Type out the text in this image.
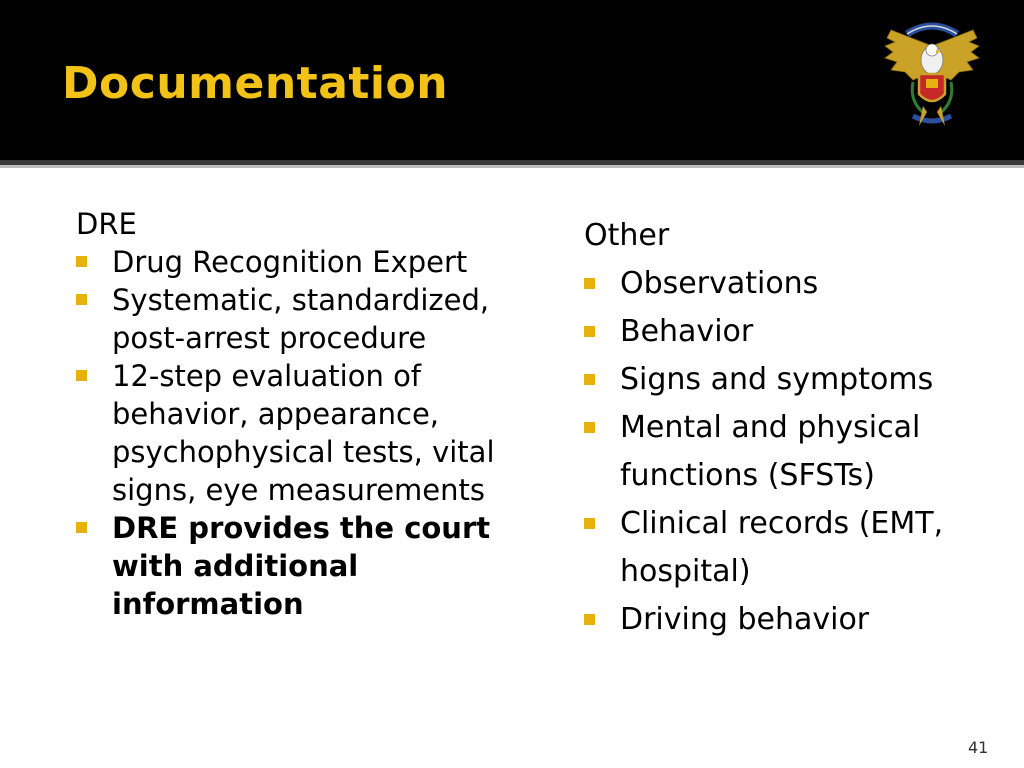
Documentation
DRE
Drug Recognition Expert
Systematic, standardized, post-arrest procedure
12-step evaluation of behavior, appearance, psychophysical tests, vital signs, eye measurements
DRE provides the court with additional information
Other
Observations
Behavior
Signs and symptoms
Mental and physical functions (SFSTs)
Clinical records (EMT, hospital)
Driving behavior
41
